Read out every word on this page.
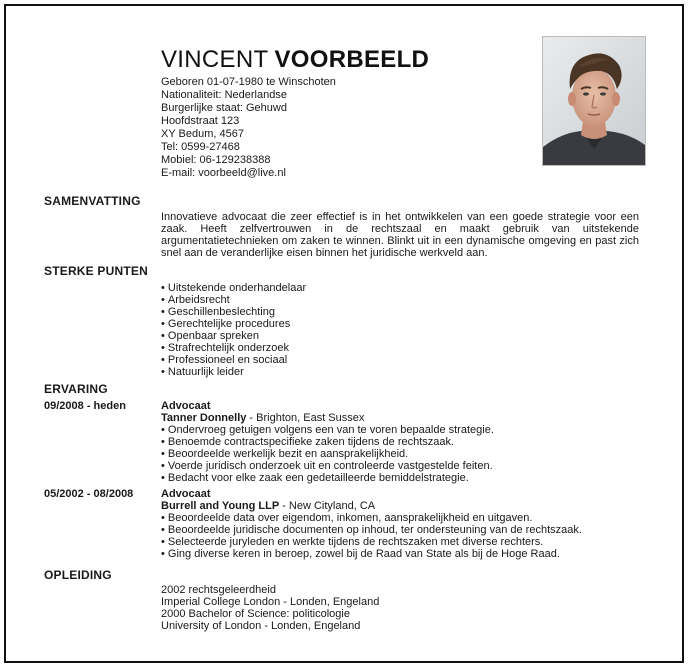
VINCENT VOORBEELD
Geboren 01-07-1980 te Winschoten
Nationaliteit: Nederlandse
Burgerlijke staat: Gehuwd
Hoofdstraat 123
XY Bedum, 4567
Tel: 0599-27468
Mobiel: 06-129238388
E-mail: voorbeeld@live.nl
SAMENVATTING
Innovatieve advocaat die zeer effectief is in het ontwikkelen van een goede strategie voor een zaak. Heeft zelfvertrouwen in de rechtszaal en maakt gebruik van uitstekende argumentatietechnieken om zaken te winnen. Blinkt uit in een dynamische omgeving en past zich snel aan de veranderlijke eisen binnen het juridische werkveld aan.
STERKE PUNTEN
• Uitstekende onderhandelaar
• Arbeidsrecht
• Geschillenbeslechting
• Gerechtelijke procedures
• Openbaar spreken
• Strafrechtelijk onderzoek
• Professioneel en sociaal
• Natuurlijk leider
ERVARING
09/2008 - heden	Advocaat
Tanner Donnelly - Brighton, East Sussex
• Ondervroeg getuigen volgens een van te voren bepaalde strategie.
• Benoemde contractspecifieke zaken tijdens de rechtszaak.
• Beoordeelde werkelijk bezit en aansprakelijkheid.
• Voerde juridisch onderzoek uit en controleerde vastgestelde feiten.
• Bedacht voor elke zaak een gedetailleerde bemiddelstrategie.
05/2002 - 08/2008	Advocaat
Burrell and Young LLP - New Cityland, CA
• Beoordeelde data over eigendom, inkomen, aansprakelijkheid en uitgaven.
• Beoordeelde juridische documenten op inhoud, ter ondersteuning van de rechtszaak.
• Selecteerde juryleden en werkte tijdens de rechtszaken met diverse rechters.
• Ging diverse keren in beroep, zowel bij de Raad van State als bij de Hoge Raad.
OPLEIDING
2002 rechtsgeleerdheid
Imperial College London - Londen, Engeland
2000 Bachelor of Science: politicologie
University of London - Londen, Engeland
